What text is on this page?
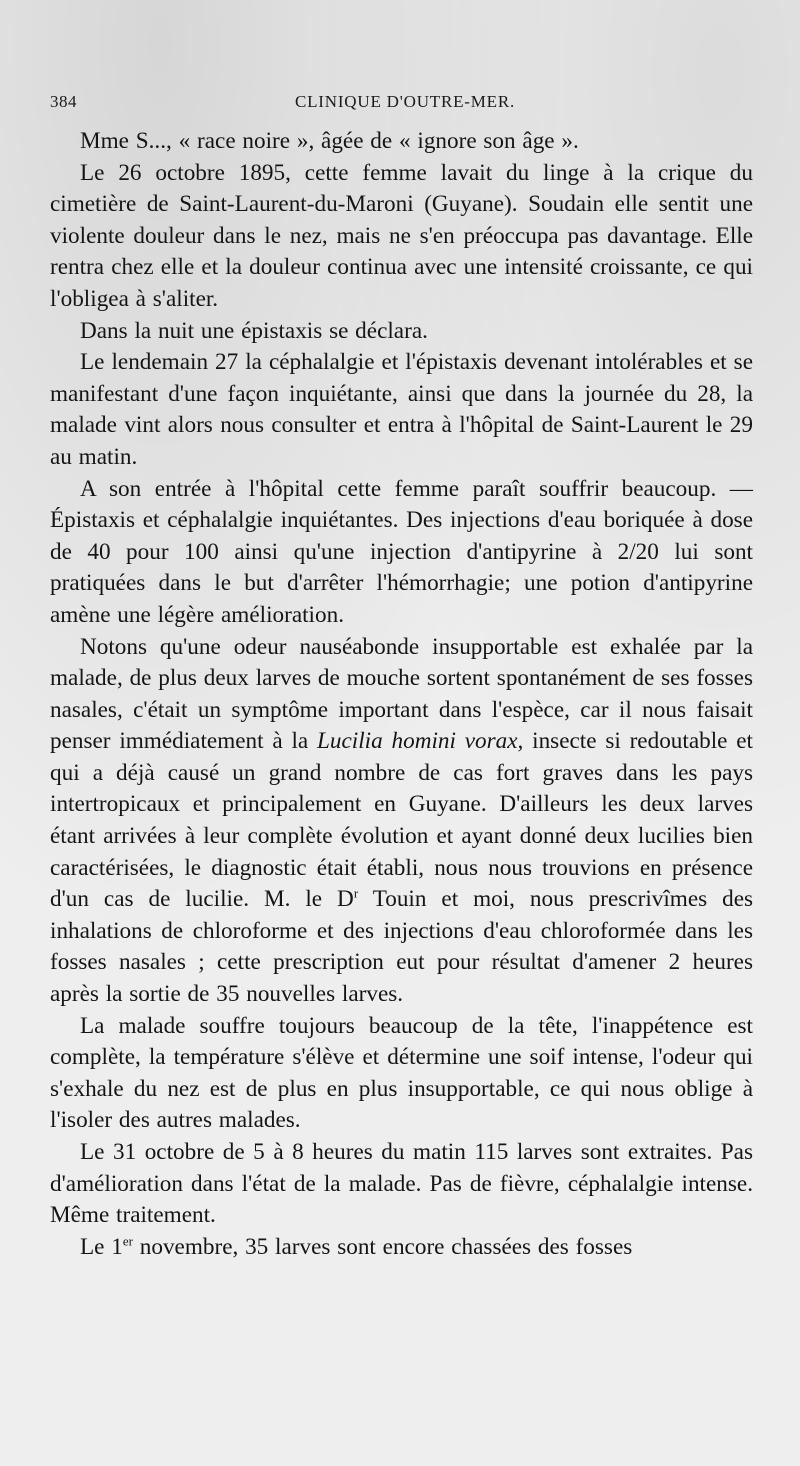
384	CLINIQUE D'OUTRE-MER.

Mme S..., « race noire », âgée de « ignore son âge ».

Le 26 octobre 1895, cette femme lavait du linge à la crique du cimetière de Saint-Laurent-du-Maroni (Guyane). Soudain elle sentit une violente douleur dans le nez, mais ne s'en préoccupa pas davantage. Elle rentra chez elle et la douleur continua avec une intensité croissante, ce qui l'obligea à s'aliter.

Dans la nuit une épistaxis se déclara.

Le lendemain 27 la céphalalgie et l'épistaxis devenant intolérables et se manifestant d'une façon inquiétante, ainsi que dans la journée du 28, la malade vint alors nous consulter et entra à l'hôpital de Saint-Laurent le 29 au matin.

A son entrée à l'hôpital cette femme paraît souffrir beaucoup. — Épistaxis et céphalalgie inquiétantes. Des injections d'eau boriquée à dose de 40 pour 100 ainsi qu'une injection d'antipyrine à 2/20 lui sont pratiquées dans le but d'arrêter l'hémorrhagie; une potion d'antipyrine amène une légère amélioration.

Notons qu'une odeur nauséabonde insupportable est exhalée par la malade, de plus deux larves de mouche sortent spontanément de ses fosses nasales, c'était un symptôme important dans l'espèce, car il nous faisait penser immédiatement à la Lucilia homini vorax, insecte si redoutable et qui a déjà causé un grand nombre de cas fort graves dans les pays intertropicaux et principalement en Guyane. D'ailleurs les deux larves étant arrivées à leur complète évolution et ayant donné deux lucilies bien caractérisées, le diagnostic était établi, nous nous trouvions en présence d'un cas de lucilie. M. le $D^r$ Touin et moi, nous prescrivîmes des inhalations de chloroforme et des injections d'eau chloroformée dans les fosses nasales ; cette prescription eut pour résultat d'amener 2 heures après la sortie de 35 nouvelles larves.

La malade souffre toujours beaucoup de la tête, l'inappétence est complète, la température s'élève et détermine une soif intense, l'odeur qui s'exhale du nez est de plus en plus insupportable, ce qui nous oblige à l'isoler des autres malades.

Le 31 octobre de 5 à 8 heures du matin 115 larves sont extraites. Pas d'amélioration dans l'état de la malade. Pas de fièvre, céphalalgie intense. Même traitement.

Le 1er novembre, 35 larves sont encore chassées des fosses
